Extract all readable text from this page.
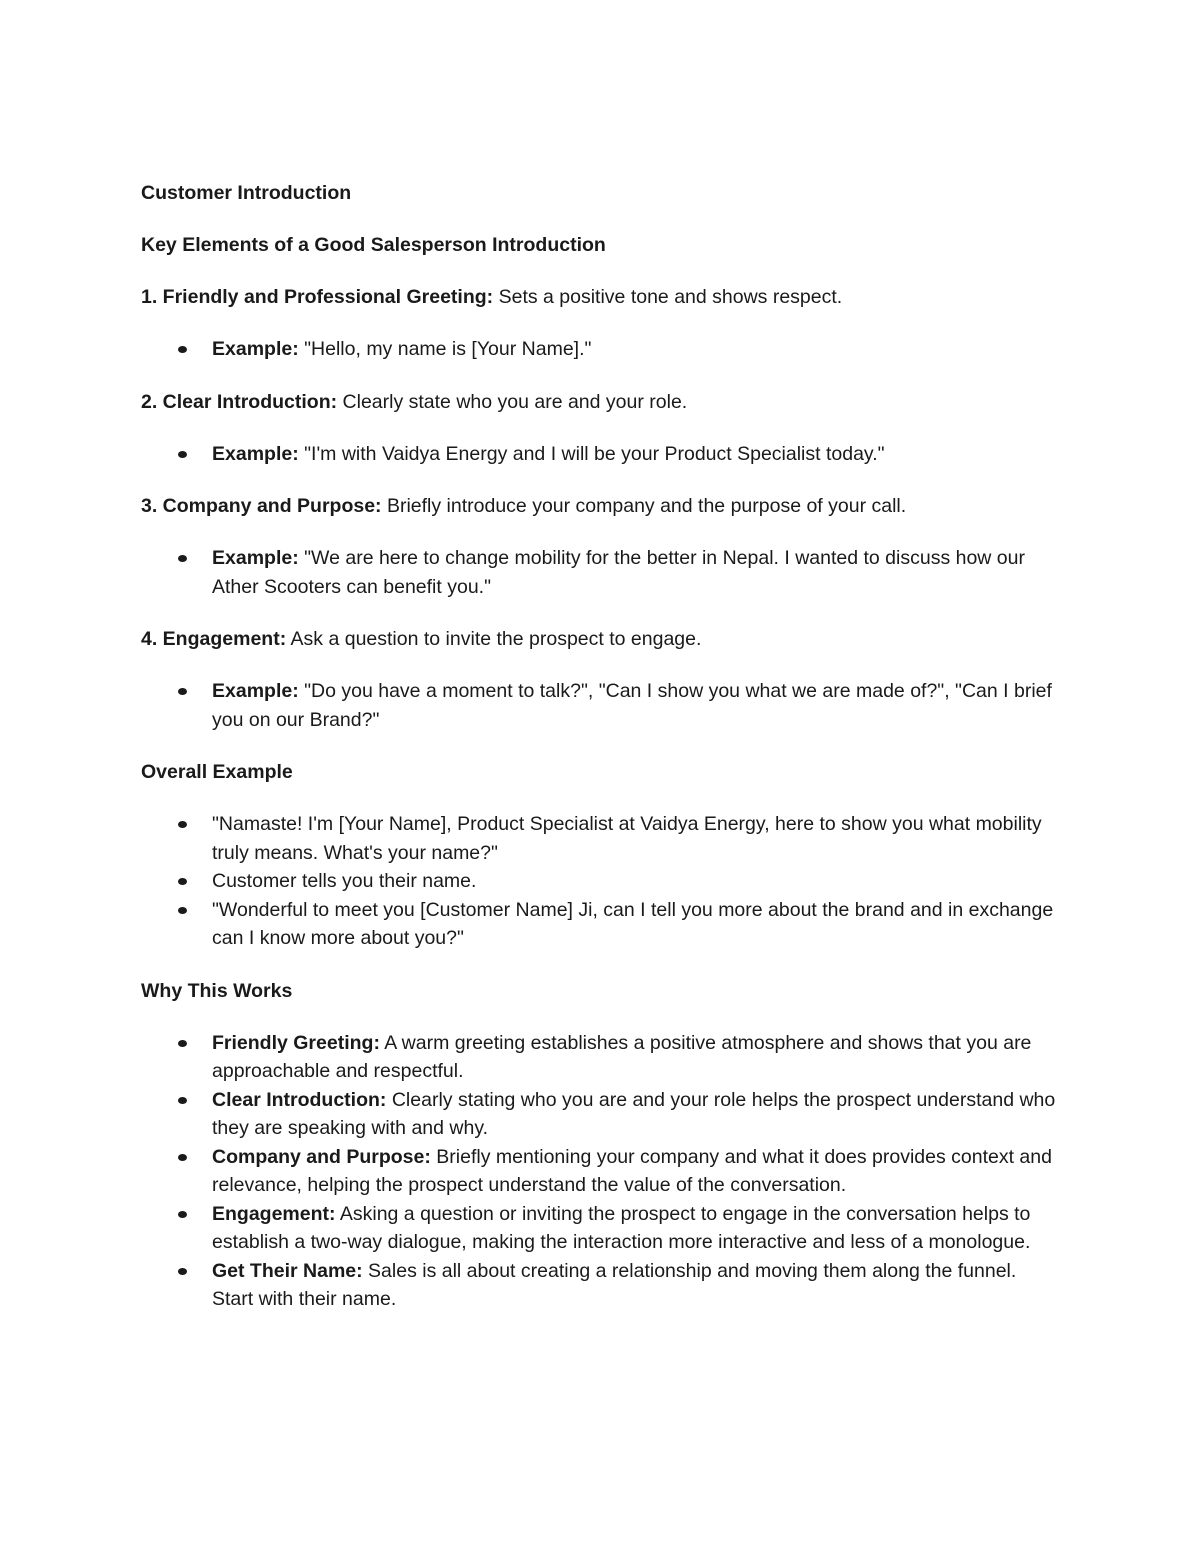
Customer Introduction

Key Elements of a Good Salesperson Introduction

1. Friendly and Professional Greeting: Sets a positive tone and shows respect.

Example: "Hello, my name is [Your Name]."

2. Clear Introduction: Clearly state who you are and your role.

Example: "I'm with Vaidya Energy and I will be your Product Specialist today."

3. Company and Purpose: Briefly introduce your company and the purpose of your call.

Example: "We are here to change mobility for the better in Nepal. I wanted to discuss how our Ather Scooters can benefit you."

4. Engagement: Ask a question to invite the prospect to engage.

Example: "Do you have a moment to talk?", "Can I show you what we are made of?", "Can I brief you on our Brand?"

Overall Example

"Namaste! I'm [Your Name], Product Specialist at Vaidya Energy, here to show you what mobility truly means. What's your name?"
Customer tells you their name.
"Wonderful to meet you [Customer Name] Ji, can I tell you more about the brand and in exchange can I know more about you?"

Why This Works

Friendly Greeting: A warm greeting establishes a positive atmosphere and shows that you are approachable and respectful.
Clear Introduction: Clearly stating who you are and your role helps the prospect understand who they are speaking with and why.
Company and Purpose: Briefly mentioning your company and what it does provides context and relevance, helping the prospect understand the value of the conversation.
Engagement: Asking a question or inviting the prospect to engage in the conversation helps to establish a two-way dialogue, making the interaction more interactive and less of a monologue.
Get Their Name: Sales is all about creating a relationship and moving them along the funnel. Start with their name.
